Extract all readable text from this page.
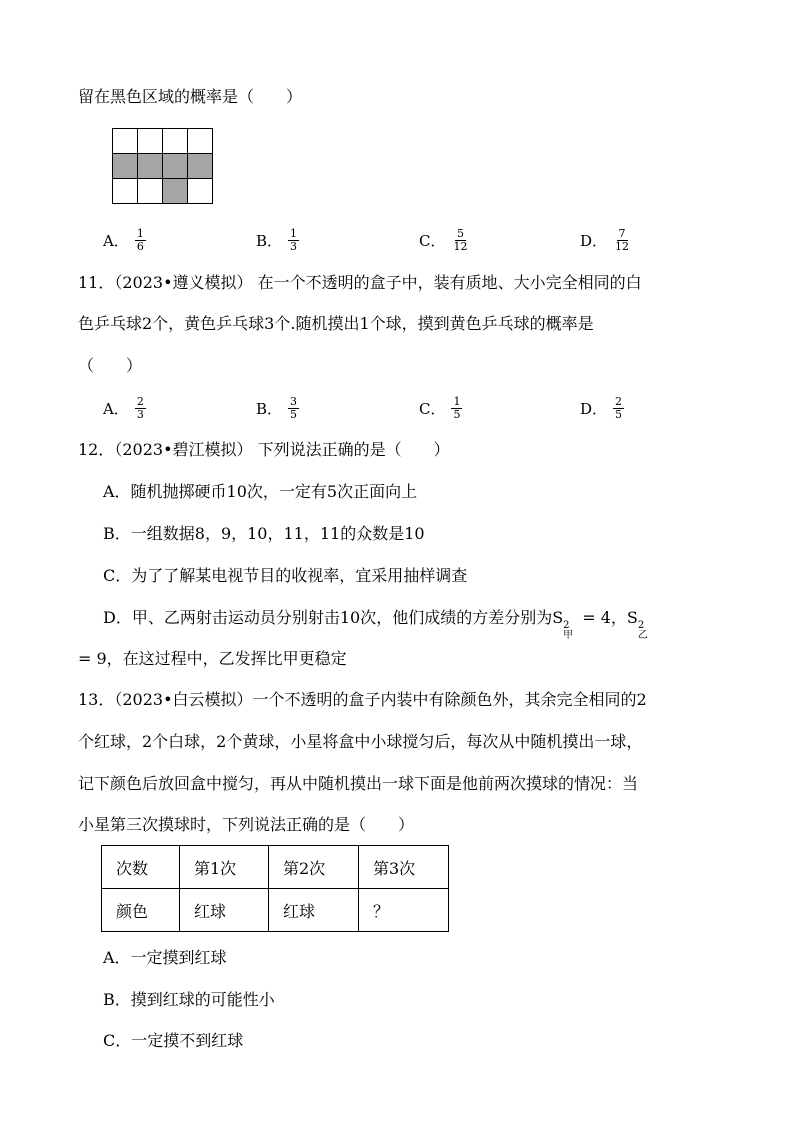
留在黑色区域的概率是（　　）
A． $\frac{1}{6}$	B． $\frac{1}{3}$	C． $\frac{5}{12}$	D． $\frac{7}{12}$
11．（2023•遵义模拟） 在一个不透明的盒子中，装有质地、大小完全相同的白
色乒乓球2个，黄色乒乓球3个.随机摸出1个球，摸到黄色乒乓球的概率是
（　　）
A． $\frac{2}{3}$	B． $\frac{3}{5}$	C． $\frac{1}{5}$	D． $\frac{2}{5}$
12．（2023•碧江模拟） 下列说法正确的是（　　）
A．随机抛掷硬币10次，一定有5次正面向上
B．一组数据8，9，10，11，11的众数是10
C．为了了解某电视节目的收视率，宜采用抽样调查
D．甲、乙两射击运动员分别射击10次，他们成绩的方差分别为S 2
甲
= 4，S 2
乙
= 9，在这过程中，乙发挥比甲更稳定
13．（2023•白云模拟）一个不透明的盒子内装中有除颜色外，其余完全相同的2
个红球，2个白球，2个黄球，小星将盒中小球搅匀后，每次从中随机摸出一球，
记下颜色后放回盒中搅匀，再从中随机摸出一球下面是他前两次摸球的情况：当
小星第三次摸球时，下列说法正确的是（　　）
次数	第1次	第2次	第3次
颜色	红球	红球	？
A．一定摸到红球
B．摸到红球的可能性小
C．一定摸不到红球
